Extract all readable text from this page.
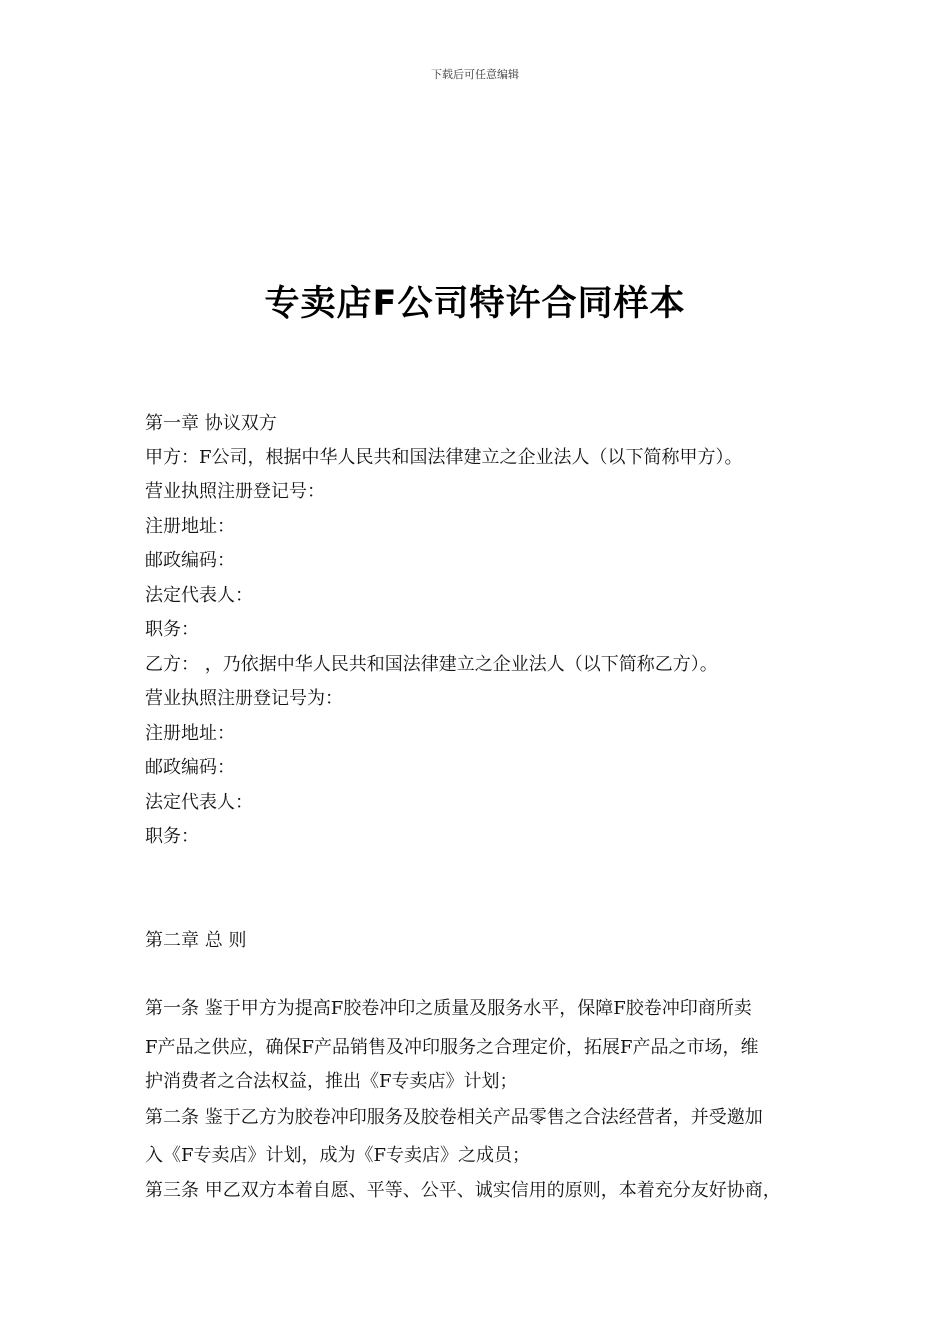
下载后可任意编辑
专卖店F公司特许合同样本
第一章 协议双方
甲方：F公司，根据中华人民共和国法律建立之企业法人（以下简称甲方）。
营业执照注册登记号：
注册地址：
邮政编码：
法定代表人：
职务：
乙方： ，乃依据中华人民共和国法律建立之企业法人（以下简称乙方）。
营业执照注册登记号为：
注册地址：
邮政编码：
法定代表人：
职务：
第二章 总 则
第一条 鉴于甲方为提高F胶卷冲印之质量及服务水平，保障F胶卷冲印商所卖
F产品之供应，确保F产品销售及冲印服务之合理定价，拓展F产品之市场，维
护消费者之合法权益，推出《F专卖店》计划；
第二条 鉴于乙方为胶卷冲印服务及胶卷相关产品零售之合法经营者，并受邀加
入《F专卖店》计划，成为《F专卖店》之成员；
第三条 甲乙双方本着自愿、平等、公平、诚实信用的原则，本着充分友好协商，
